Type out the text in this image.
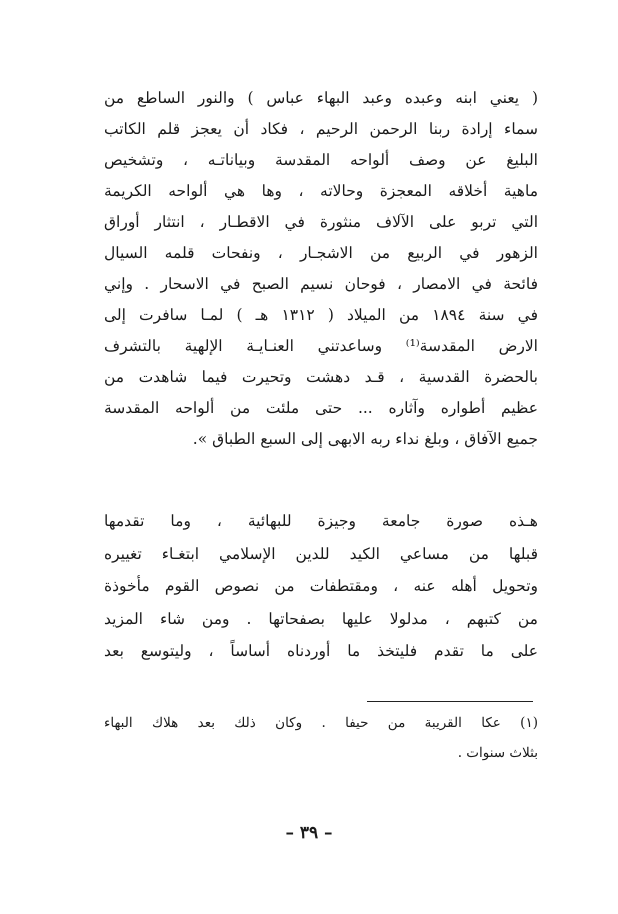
( يعني ابنه وعبده وعبد البهاء عباس ) والنور الساطع من
سماء إرادة ربنا الرحمن الرحيم ، فكاد أن يعجز قلم الكاتب
البليغ عن وصف ألواحه المقدسة وبياناتـه ، وتشخيص
ماهية أخلاقه المعجزة وحالاته ، وها هي ألواحه الكريمة
التي تربو على الآلاف منثورة في الاقطـار ، انتثار أوراق
الزهور في الربيع من الاشجـار ، ونفحات قلمه السيال
فائحة في الامصار ، فوحان نسيم الصبح في الاسحار . وإني
في سنة ١٨٩٤ من الميلاد ( ١٣١٢ هـ ) لمـا سافرت إلى
الارض المقدسة⁽¹⁾ وساعدتني العنـايـة الإلهية بالتشرف
بالحضرة القدسية ، قـد دهشت وتحيرت فيما شاهدت من
عظيم أطواره وآثاره ... حتى ملئت من ألواحه المقدسة
جميع الآفاق ، وبلغ نداء ربه الابهى إلى السبع الطباق ».
هـذه صورة جامعة وجيزة للبهائية ، وما تقدمها
قبلها من مساعي الكيد للدين الإسلامي ابتغـاء تغييره
وتحويل أهله عنه ، ومقتطفات من نصوص القوم مأخوذة
من كتبهم ، مدلولا عليها بصفحاتها . ومن شاء المزيد
على ما تقدم فليتخذ ما أوردناه أساساً ، وليتوسع بعد
(١) عكا القريبة من حيفا . وكان ذلك بعد هلاك البهاء
بثلاث سنوات .
– ٣٩ –
